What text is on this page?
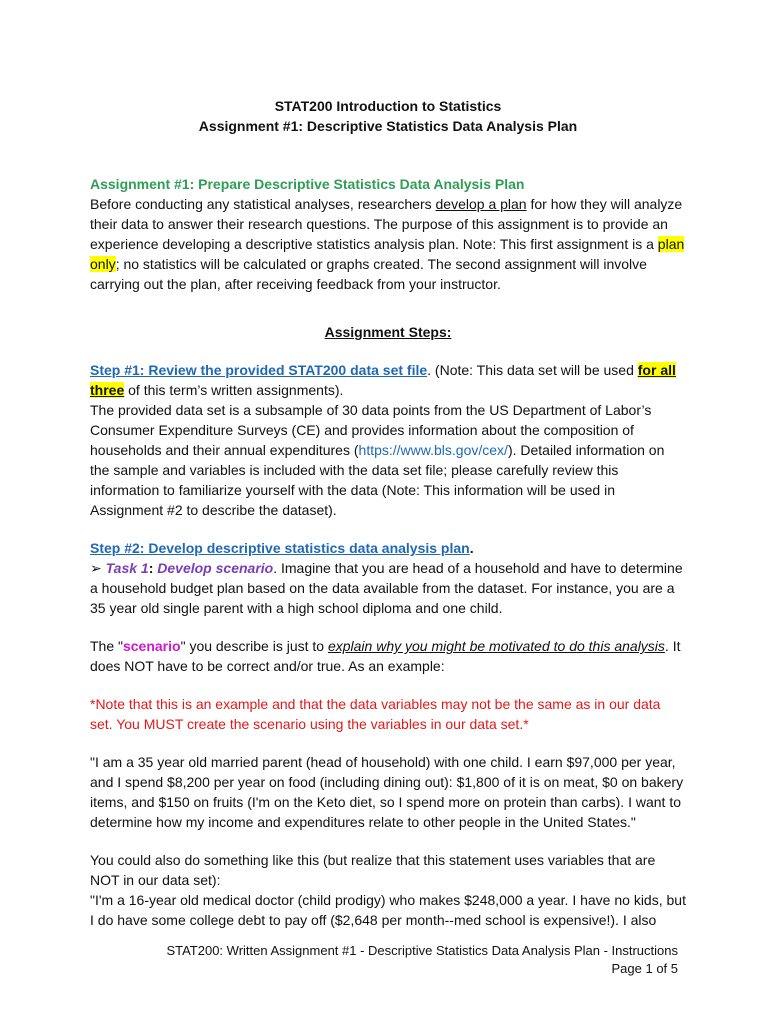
STAT200 Introduction to Statistics
Assignment #1: Descriptive Statistics Data Analysis Plan
Assignment #1: Prepare Descriptive Statistics Data Analysis Plan

Before conducting any statistical analyses, researchers develop a plan for how they will analyze their data to answer their research questions. The purpose of this assignment is to provide an experience developing a descriptive statistics analysis plan. Note: This first assignment is a plan only; no statistics will be calculated or graphs created. The second assignment will involve carrying out the plan, after receiving feedback from your instructor.

Assignment Steps:
Step #1: Review the provided STAT200 data set file. (Note: This data set will be used for all three of this term’s written assignments).

The provided data set is a subsample of 30 data points from the US Department of Labor’s Consumer Expenditure Surveys (CE) and provides information about the composition of households and their annual expenditures (https://www.bls.gov/cex/). Detailed information on the sample and variables is included with the data set file; please carefully review this information to familiarize yourself with the data (Note: This information will be used in Assignment #2 to describe the dataset).

Step #2: Develop descriptive statistics data analysis plan.

➢ Task 1: Develop scenario. Imagine that you are head of a household and have to determine a household budget plan based on the data available from the dataset. For instance, you are a 35 year old single parent with a high school diploma and one child.

The "scenario" you describe is just to explain why you might be motivated to do this analysis. It does NOT have to be correct and/or true. As an example:

*Note that this is an example and that the data variables may not be the same as in our data set. You MUST create the scenario using the variables in our data set.*

"I am a 35 year old married parent (head of household) with one child. I earn $97,000 per year, and I spend $8,200 per year on food (including dining out): $1,800 of it is on meat, $0 on bakery items, and $150 on fruits (I'm on the Keto diet, so I spend more on protein than carbs). I want to determine how my income and expenditures relate to other people in the United States."

You could also do something like this (but realize that this statement uses variables that are NOT in our data set):
"I'm a 16-year old medical doctor (child prodigy) who makes $248,000 a year. I have no kids, but I do have some college debt to pay off ($2,648 per month--med school is expensive!). I also
STAT200: Written Assignment #1 - Descriptive Statistics Data Analysis Plan - Instructions
Page 1 of 5
